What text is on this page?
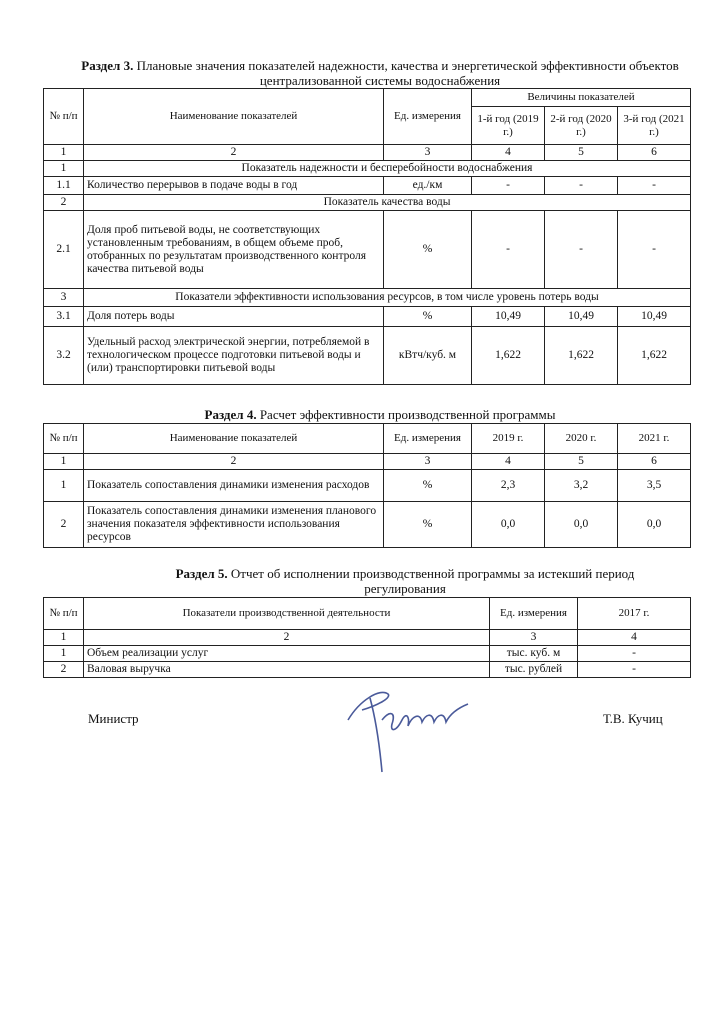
Раздел 3. Плановые значения показателей надежности, качества и энергетической эффективности объектов централизованной системы водоснабжения
№ п/п	Наименование показателей	Ед. измерения	Величины показателей		
			1-й год (2019 г.)	2-й год (2020 г.)	3-й год (2021 г.)
1	2	3	4	5	6
1	Показатель надежности и бесперебойности водоснабжения				
1.1	Количество перерывов в подаче воды в год	ед./км	-	-	-
2	Показатель качества воды				
2.1	Доля проб питьевой воды, не соответствующих установленным требованиям, в общем объеме проб, отобранных по результатам производственного контроля качества питьевой воды	%	-	-	-
3	Показатели эффективности использования ресурсов, в том числе уровень потерь воды				
3.1	Доля потерь воды	%	10,49	10,49	10,49
3.2	Удельный расход электрической энергии, потребляемой в технологическом процессе подготовки питьевой воды и (или) транспортировки питьевой воды	кВтч/куб. м	1,622	1,622	1,622
Раздел 4. Расчет эффективности производственной программы
№ п/п	Наименование показателей	Ед. измерения	2019 г.	2020 г.	2021 г.
1	2	3	4	5	6
1	Показатель сопоставления динамики изменения расходов	%	2,3	3,2	3,5
2	Показатель сопоставления динамики изменения планового значения показателя эффективности использования ресурсов	%	0,0	0,0	0,0
Раздел 5. Отчет об исполнении производственной программы за истекший период регулирования
№ п/п	Показатели производственной деятельности	Ед. измерения	2017 г.
1	2	3	4
1	Объем реализации услуг	тыс. куб. м	-
2	Валовая выручка	тыс. рублей	-
Министр	Т.В. Кучиц
